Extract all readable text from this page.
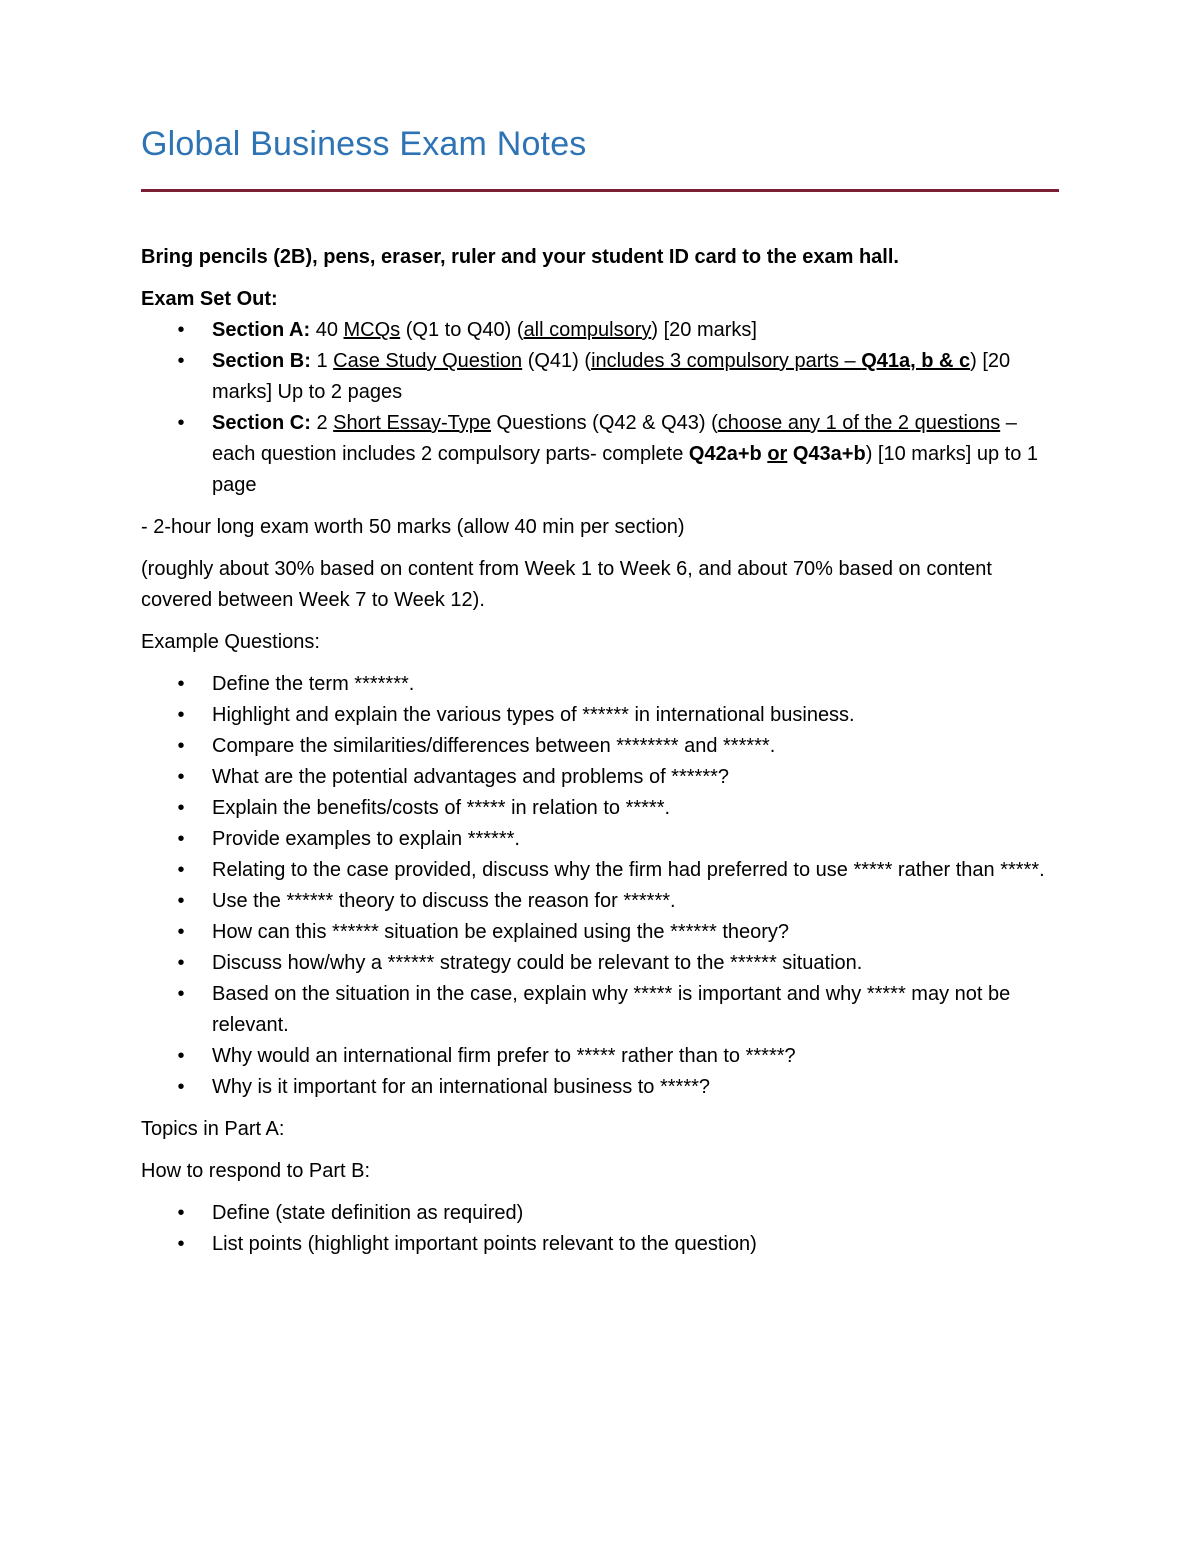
Global Business Exam Notes

Bring pencils (2B), pens, eraser, ruler and your student ID card to the exam hall.

Exam Set Out:

•	Section A: 40 MCQs (Q1 to Q40) (all compulsory) [20 marks]
•	Section B: 1 Case Study Question (Q41) (includes 3 compulsory parts – Q41a, b & c) [20 marks] Up to 2 pages
•	Section C: 2 Short Essay-Type Questions (Q42 & Q43) (choose any 1 of the 2 questions – each question includes 2 compulsory parts- complete Q42a+b or Q43a+b) [10 marks] up to 1 page

- 2-hour long exam worth 50 marks (allow 40 min per section)

(roughly about 30% based on content from Week 1 to Week 6, and about 70% based on content covered between Week 7 to Week 12).

Example Questions:

•	Define the term *******.
•	Highlight and explain the various types of ****** in international business.
•	Compare the similarities/differences between ******** and ******.
•	What are the potential advantages and problems of ******?
•	Explain the benefits/costs of ***** in relation to *****.
•	Provide examples to explain ******.
•	Relating to the case provided, discuss why the firm had preferred to use ***** rather than *****.
•	Use the ****** theory to discuss the reason for ******.
•	How can this ****** situation be explained using the ****** theory?
•	Discuss how/why a ****** strategy could be relevant to the ****** situation.
•	Based on the situation in the case, explain why ***** is important and why ***** may not be relevant.
•	Why would an international firm prefer to ***** rather than to *****?
•	Why is it important for an international business to *****?

Topics in Part A:

How to respond to Part B:

•	Define (state definition as required)
•	List points (highlight important points relevant to the question)
